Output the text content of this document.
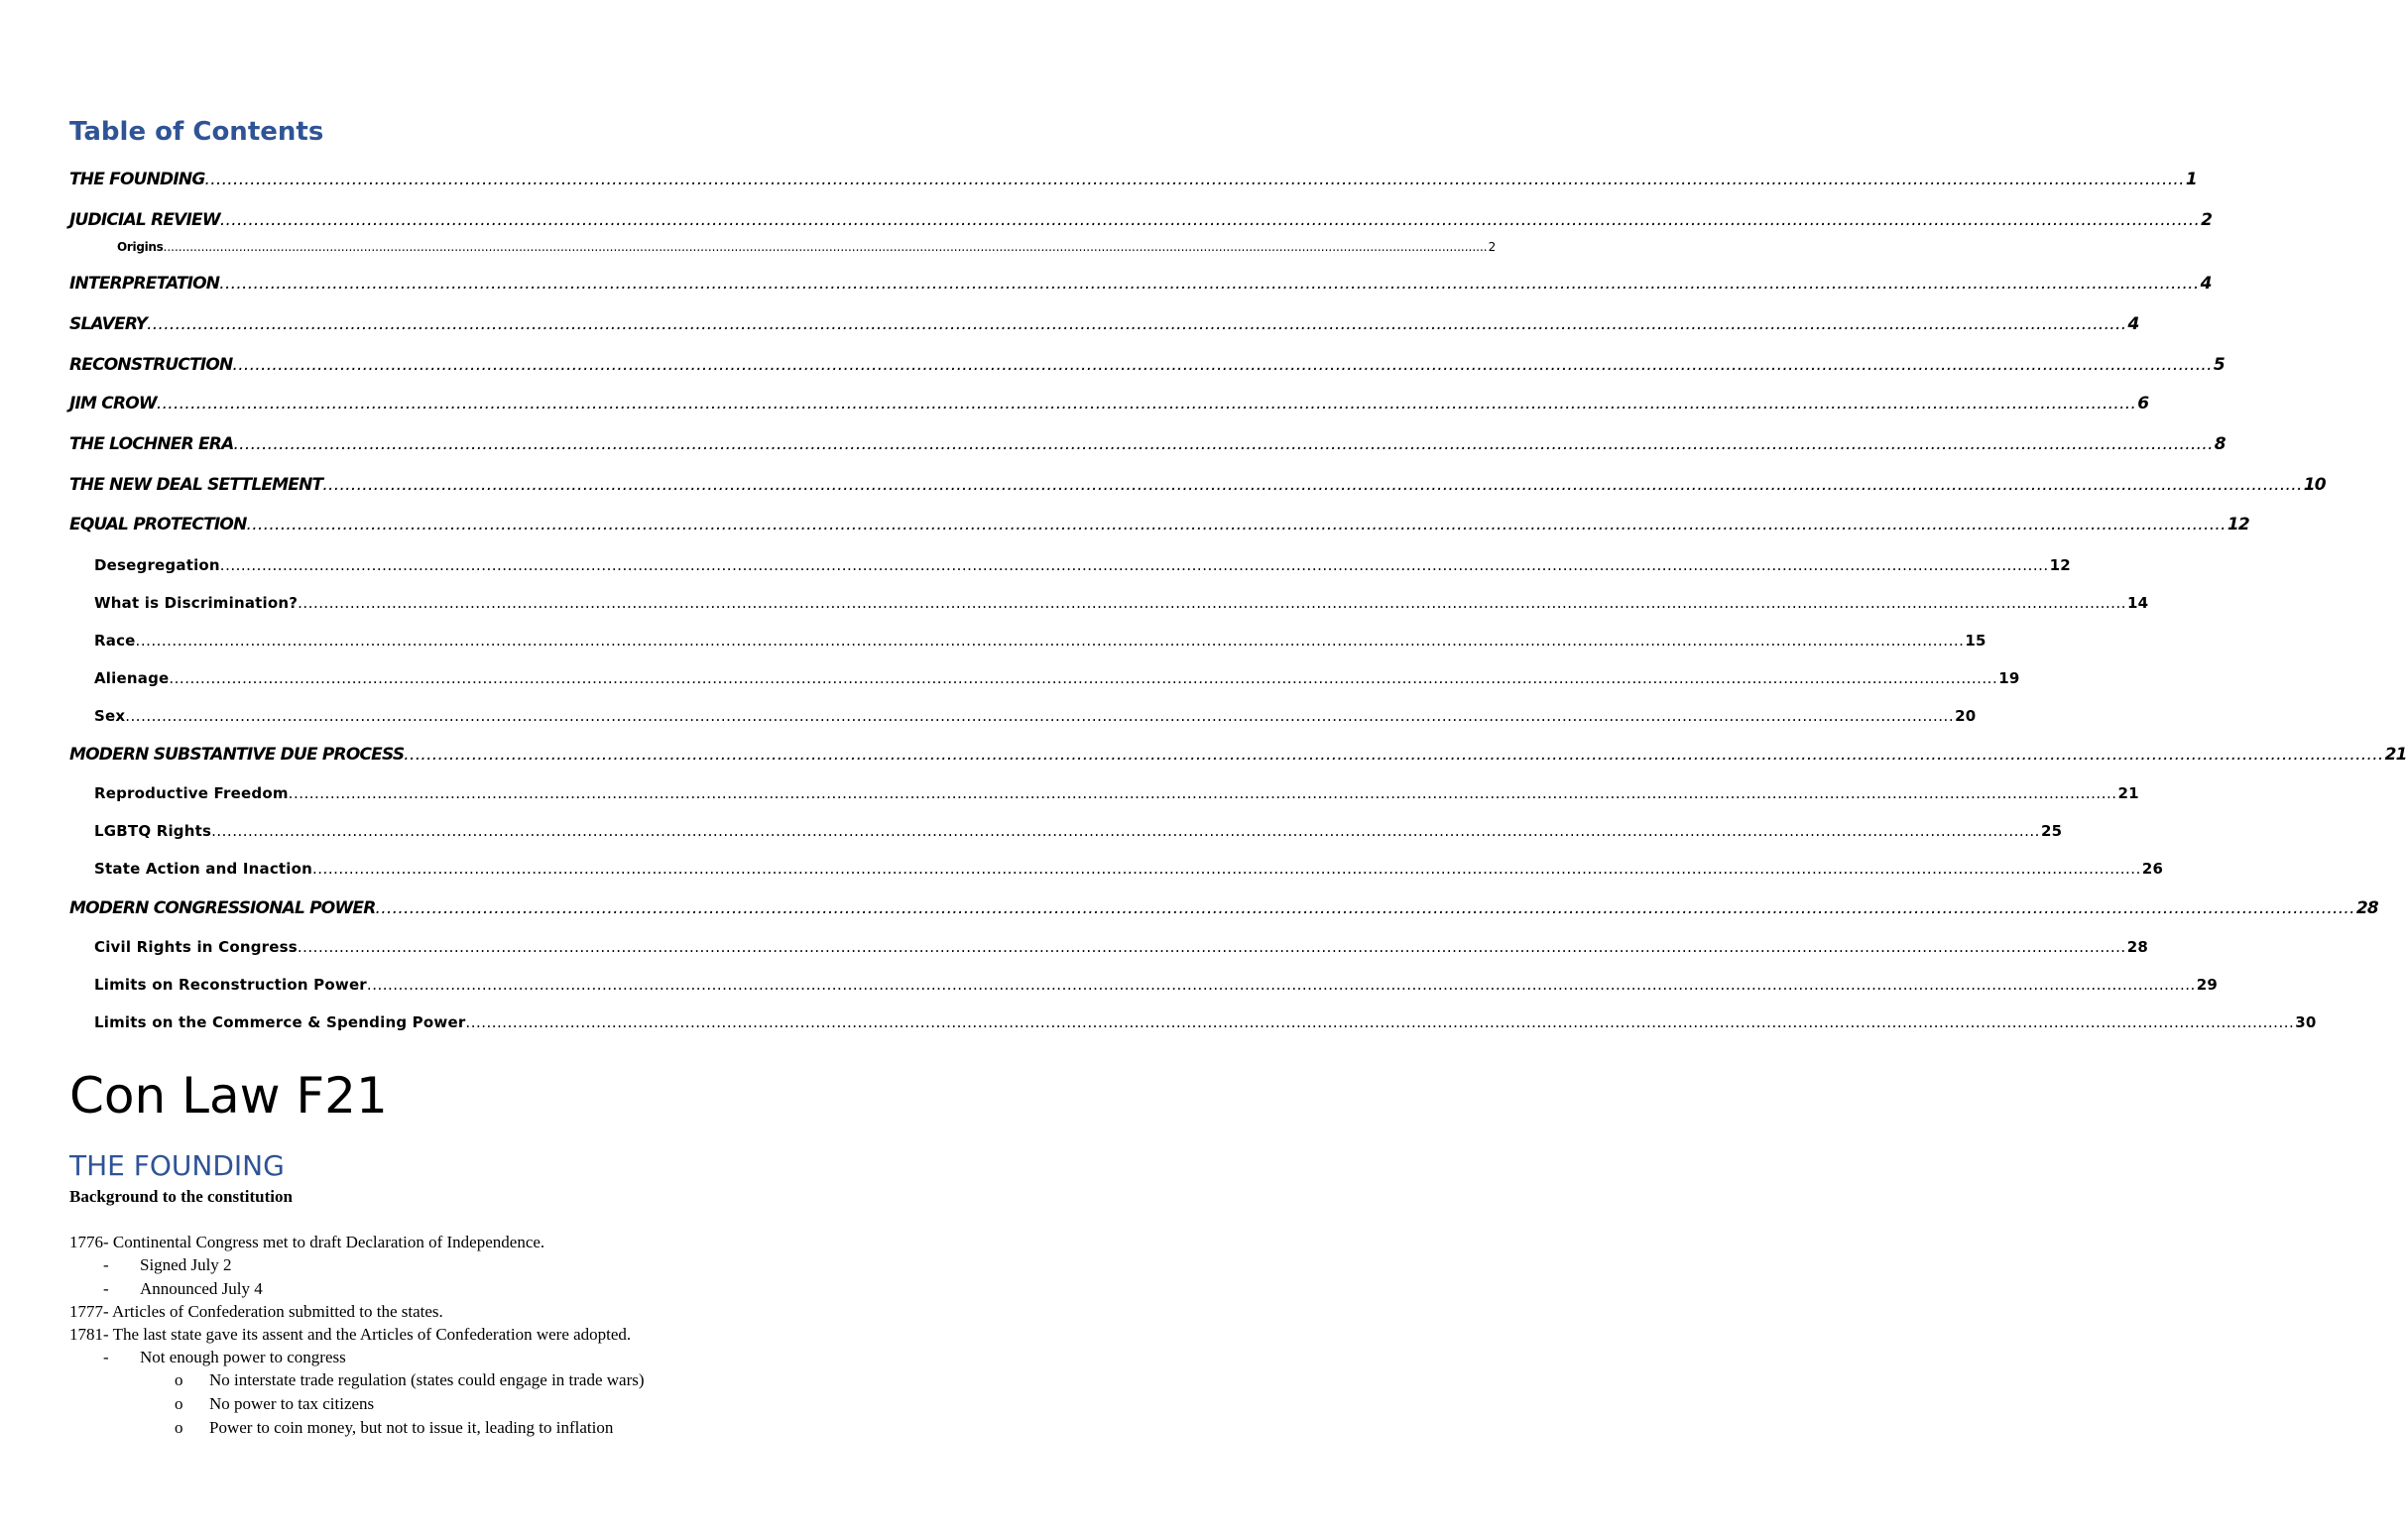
Table of Contents
THE FOUNDING .............................................................................................................................................................................................................................................................................................................................................................. 1
JUDICIAL REVIEW .............................................................................................................................................................................................................................................................................................................................................................. 2
Origins .............................................................................................................................................................................................................................................................................................................................................................. 2
INTERPRETATION .............................................................................................................................................................................................................................................................................................................................................................. 4
SLAVERY .............................................................................................................................................................................................................................................................................................................................................................. 4
RECONSTRUCTION .............................................................................................................................................................................................................................................................................................................................................................. 5
JIM CROW .............................................................................................................................................................................................................................................................................................................................................................. 6
THE LOCHNER ERA .............................................................................................................................................................................................................................................................................................................................................................. 8
THE NEW DEAL SETTLEMENT .............................................................................................................................................................................................................................................................................................................................................................. 10
EQUAL PROTECTION .............................................................................................................................................................................................................................................................................................................................................................. 12
Desegregation .............................................................................................................................................................................................................................................................................................................................................................. 12
What is Discrimination? .............................................................................................................................................................................................................................................................................................................................................................. 14
Race .............................................................................................................................................................................................................................................................................................................................................................. 15
Alienage .............................................................................................................................................................................................................................................................................................................................................................. 19
Sex .............................................................................................................................................................................................................................................................................................................................................................. 20
MODERN SUBSTANTIVE DUE PROCESS .............................................................................................................................................................................................................................................................................................................................................................. 21
Reproductive Freedom .............................................................................................................................................................................................................................................................................................................................................................. 21
LGBTQ Rights .............................................................................................................................................................................................................................................................................................................................................................. 25
State Action and Inaction .............................................................................................................................................................................................................................................................................................................................................................. 26
MODERN CONGRESSIONAL POWER .............................................................................................................................................................................................................................................................................................................................................................. 28
Civil Rights in Congress .............................................................................................................................................................................................................................................................................................................................................................. 28
Limits on Reconstruction Power .............................................................................................................................................................................................................................................................................................................................................................. 29
Limits on the Commerce & Spending Power .............................................................................................................................................................................................................................................................................................................................................................. 30
Con Law F21
THE FOUNDING
Background to the constitution
1776- Continental Congress met to draft Declaration of Independence.
- Signed July 2
- Announced July 4
1777- Articles of Confederation submitted to the states.
1781- The last state gave its assent and the Articles of Confederation were adopted.
- Not enough power to congress
o No interstate trade regulation (states could engage in trade wars)
o No power to tax citizens
o Power to coin money, but not to issue it, leading to inflation
